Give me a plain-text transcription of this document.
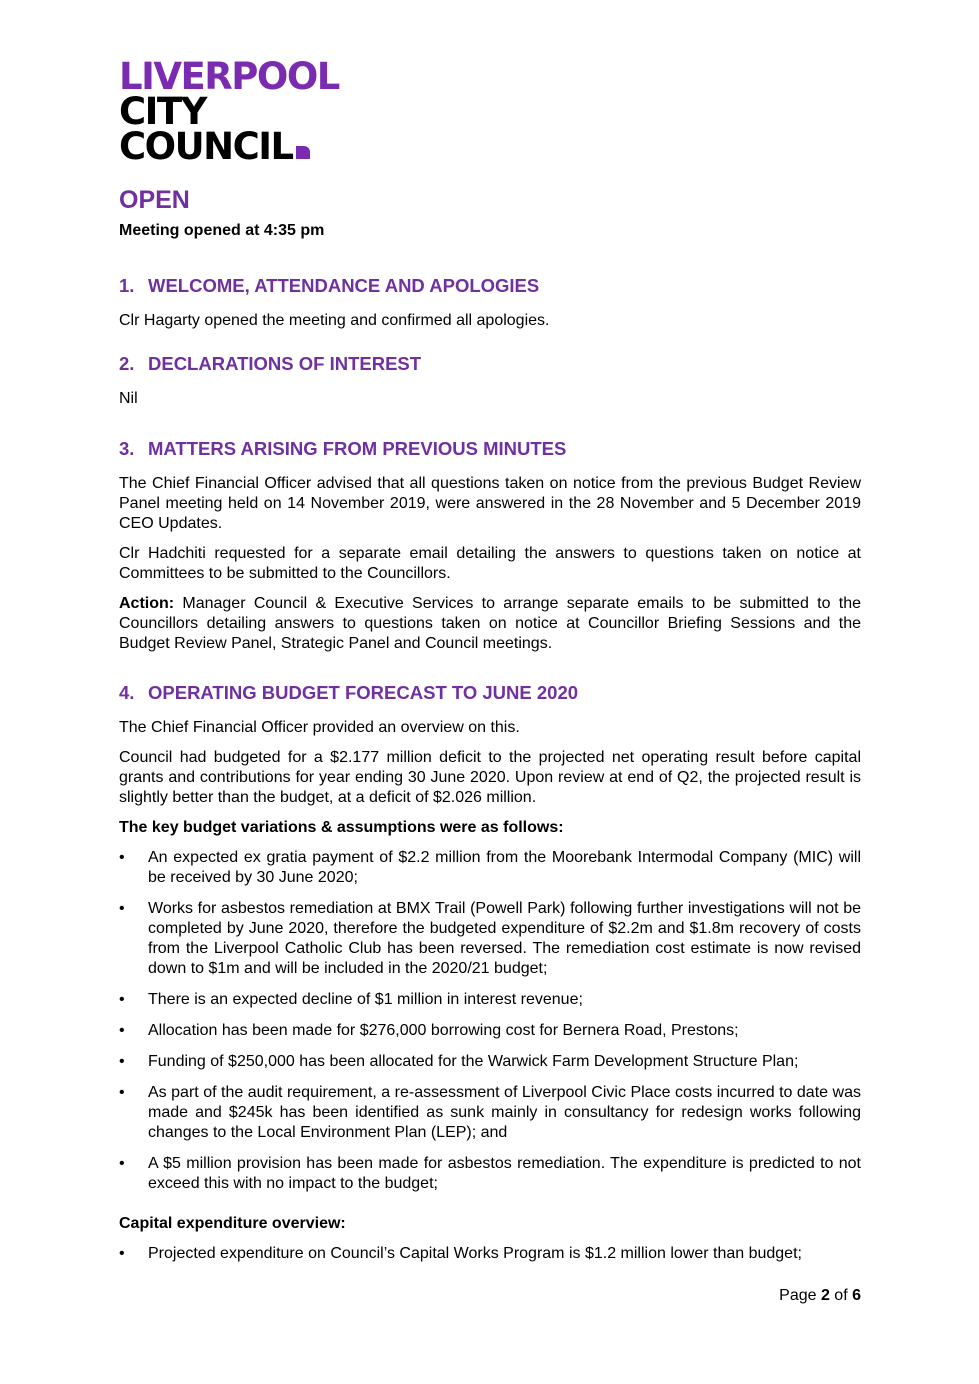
LIVERPOOL
CITY
COUNCIL
OPEN

Meeting opened at 4:35 pm

1. WELCOME, ATTENDANCE AND APOLOGIES

Clr Hagarty opened the meeting and confirmed all apologies.

2. DECLARATIONS OF INTEREST

Nil

3. MATTERS ARISING FROM PREVIOUS MINUTES

The Chief Financial Officer advised that all questions taken on notice from the previous Budget Review Panel meeting held on 14 November 2019, were answered in the 28 November and 5 December 2019 CEO Updates.

Clr Hadchiti requested for a separate email detailing the answers to questions taken on notice at Committees to be submitted to the Councillors.

Action: Manager Council & Executive Services to arrange separate emails to be submitted to the Councillors detailing answers to questions taken on notice at Councillor Briefing Sessions and the Budget Review Panel, Strategic Panel and Council meetings.

4. OPERATING BUDGET FORECAST TO JUNE 2020

The Chief Financial Officer provided an overview on this.

Council had budgeted for a $2.177 million deficit to the projected net operating result before capital grants and contributions for year ending 30 June 2020. Upon review at end of Q2, the projected result is slightly better than the budget, at a deficit of $2.026 million.

The key budget variations & assumptions were as follows:

• An expected ex gratia payment of $2.2 million from the Moorebank Intermodal Company (MIC) will be received by 30 June 2020;
• Works for asbestos remediation at BMX Trail (Powell Park) following further investigations will not be completed by June 2020, therefore the budgeted expenditure of $2.2m and $1.8m recovery of costs from the Liverpool Catholic Club has been reversed. The remediation cost estimate is now revised down to $1m and will be included in the 2020/21 budget;
• There is an expected decline of $1 million in interest revenue;
• Allocation has been made for $276,000 borrowing cost for Bernera Road, Prestons;
• Funding of $250,000 has been allocated for the Warwick Farm Development Structure Plan;
• As part of the audit requirement, a re-assessment of Liverpool Civic Place costs incurred to date was made and $245k has been identified as sunk mainly in consultancy for redesign works following changes to the Local Environment Plan (LEP); and
• A $5 million provision has been made for asbestos remediation. The expenditure is predicted to not exceed this with no impact to the budget;

Capital expenditure overview:

• Projected expenditure on Council’s Capital Works Program is $1.2 million lower than budget;
Page 2 of 6
